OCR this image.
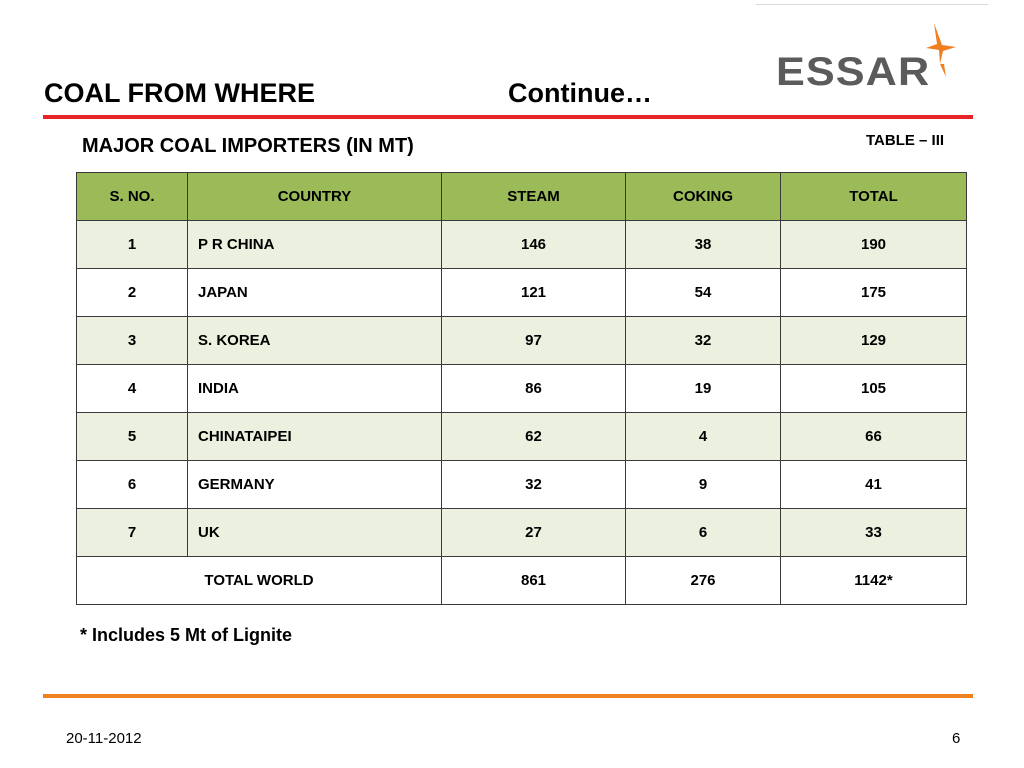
ESSAR
COAL FROM WHERE	Continue…
MAJOR COAL IMPORTERS (IN MT)	TABLE – III
S. NO.	COUNTRY	STEAM	COKING	TOTAL
1	P R CHINA	146	38	190
2	JAPAN	121	54	175
3	S. KOREA	97	32	129
4	INDIA	86	19	105
5	CHINATAIPEI	62	4	66
6	GERMANY	32	9	41
7	UK	27	6	33
TOTAL WORLD		861	276	1142*
* Includes 5 Mt of Lignite
20-11-2012	6
